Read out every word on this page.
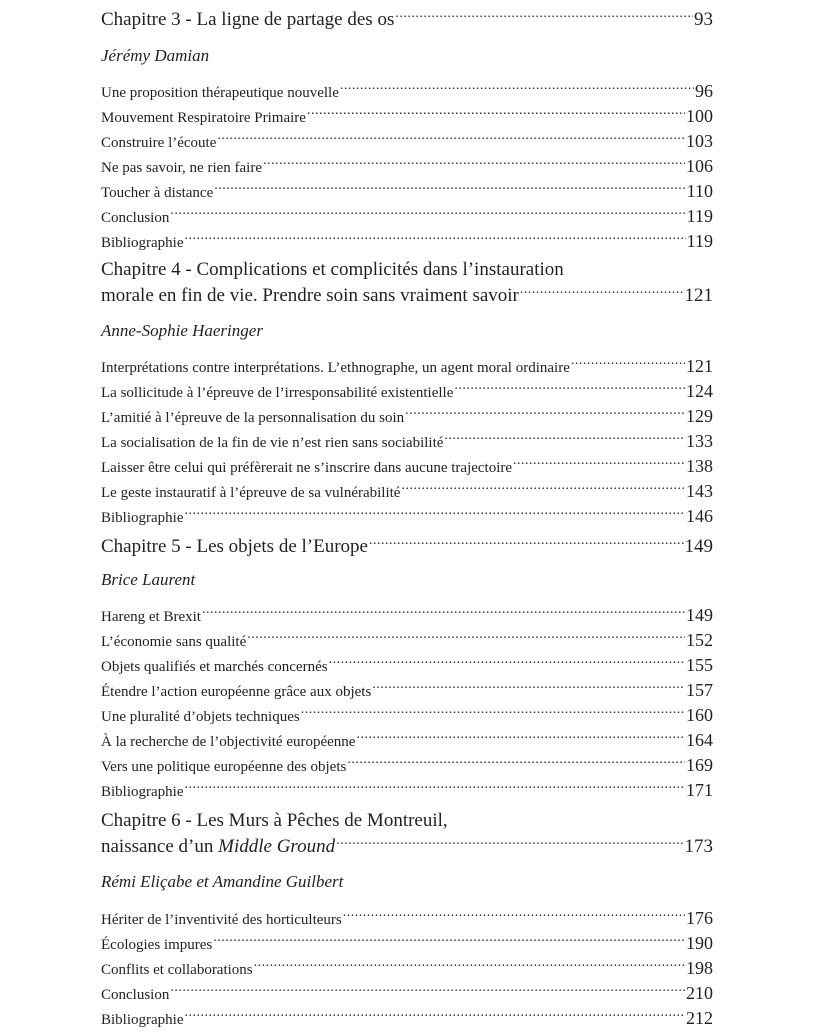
Chapitre 3 - La ligne de partage des os .....	93
Jérémy Damian
Une proposition thérapeutique nouvelle .....	96
Mouvement Respiratoire Primaire .....	100
Construire l’écoute .....	103
Ne pas savoir, ne rien faire .....	106
Toucher à distance .....	110
Conclusion .....	119
Bibliographie .....	119
Chapitre 4 - Complications et complicités dans l’instauration
morale en fin de vie. Prendre soin sans vraiment savoir .....	121
Anne-Sophie Haeringer
Interprétations contre interprétations. L’ethnographe, un agent moral ordinaire .....	121
La sollicitude à l’épreuve de l’irresponsabilité existentielle .....	124
L’amitié à l’épreuve de la personnalisation du soin .....	129
La socialisation de la fin de vie n’est rien sans sociabilité .....	133
Laisser être celui qui préfèrerait ne s’inscrire dans aucune trajectoire .....	138
Le geste instauratif à l’épreuve de sa vulnérabilité .....	143
Bibliographie .....	146
Chapitre 5 - Les objets de l’Europe .....	149
Brice Laurent
Hareng et Brexit .....	149
L’économie sans qualité .....	152
Objets qualifiés et marchés concernés .....	155
Étendre l’action européenne grâce aux objets .....	157
Une pluralité d’objets techniques .....	160
À la recherche de l’objectivité européenne .....	164
Vers une politique européenne des objets .....	169
Bibliographie .....	171
Chapitre 6 - Les Murs à Pêches de Montreuil,
naissance d’un Middle Ground .....	173
Rémi Eliçabe et Amandine Guilbert
Hériter de l’inventivité des horticulteurs .....	176
Écologies impures .....	190
Conflits et collaborations .....	198
Conclusion .....	210
Bibliographie .....	212
